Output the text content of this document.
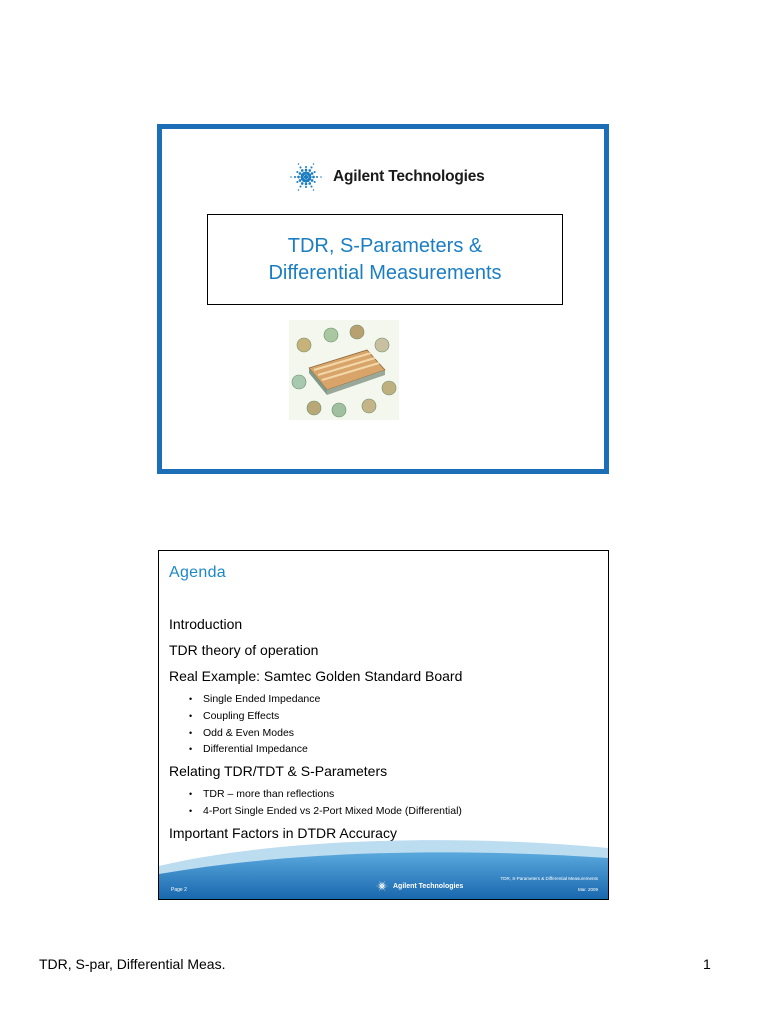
Agilent Technologies
TDR, S-Parameters &
Differential Measurements
Agenda
Introduction
TDR theory of operation
Real Example: Samtec Golden Standard Board
• Single Ended Impedance
• Coupling Effects
• Odd & Even Modes
• Differential Impedance
Relating TDR/TDT & S-Parameters
• TDR – more than reflections
• 4-Port Single Ended vs 2-Port Mixed Mode (Differential)
Important Factors in DTDR Accuracy
Page 2
Agilent Technologies
TDR, S-Parameters & Differential Measurements
Mar. 2009
TDR, S-par, Differential Meas.	1
